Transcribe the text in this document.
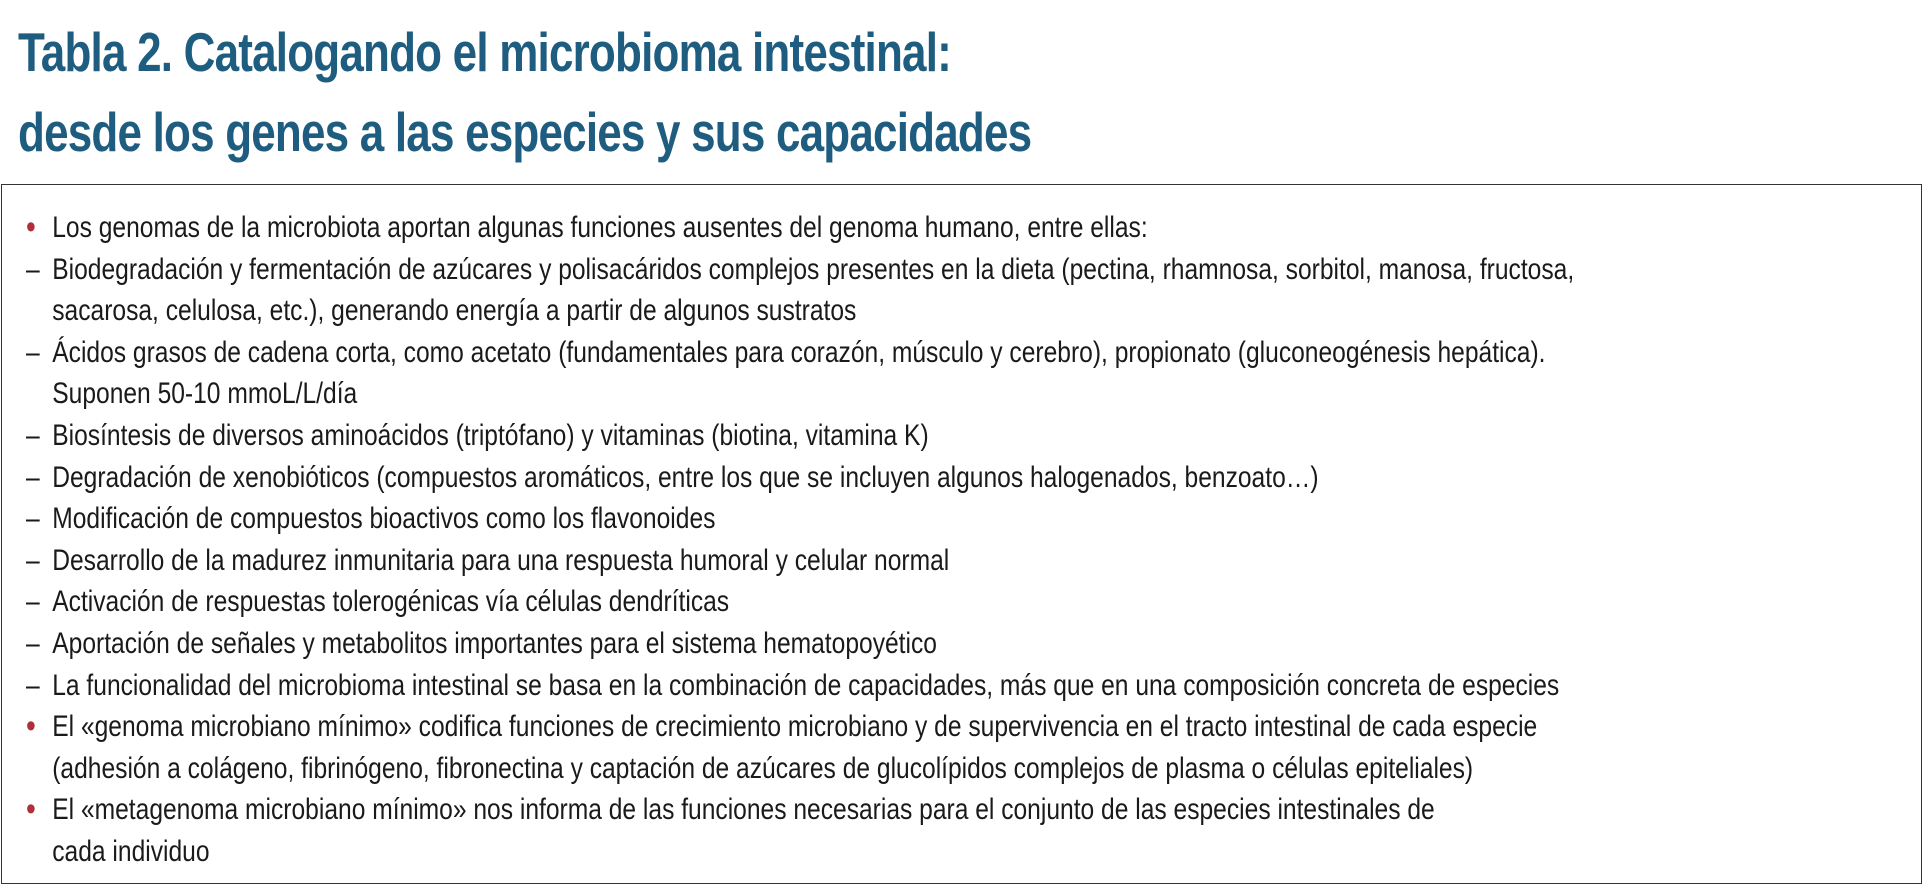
Tabla 2. Catalogando el microbioma intestinal:
desde los genes a las especies y sus capacidades
• Los genomas de la microbiota aportan algunas funciones ausentes del genoma humano, entre ellas:
– Biodegradación y fermentación de azúcares y polisacáridos complejos presentes en la dieta (pectina, rhamnosa, sorbitol, manosa, fructosa,
sacarosa, celulosa, etc.), generando energía a partir de algunos sustratos
– Ácidos grasos de cadena corta, como acetato (fundamentales para corazón, músculo y cerebro), propionato (gluconeogénesis hepática).
Suponen 50-10 mmoL/L/día
– Biosíntesis de diversos aminoácidos (triptófano) y vitaminas (biotina, vitamina K)
– Degradación de xenobióticos (compuestos aromáticos, entre los que se incluyen algunos halogenados, benzoato…)
– Modificación de compuestos bioactivos como los flavonoides
– Desarrollo de la madurez inmunitaria para una respuesta humoral y celular normal
– Activación de respuestas tolerogénicas vía células dendríticas
– Aportación de señales y metabolitos importantes para el sistema hematopoyético
– La funcionalidad del microbioma intestinal se basa en la combinación de capacidades, más que en una composición concreta de especies
• El «genoma microbiano mínimo» codifica funciones de crecimiento microbiano y de supervivencia en el tracto intestinal de cada especie
(adhesión a colágeno, fibrinógeno, fibronectina y captación de azúcares de glucolípidos complejos de plasma o células epiteliales)
• El «metagenoma microbiano mínimo» nos informa de las funciones necesarias para el conjunto de las especies intestinales de
cada individuo
